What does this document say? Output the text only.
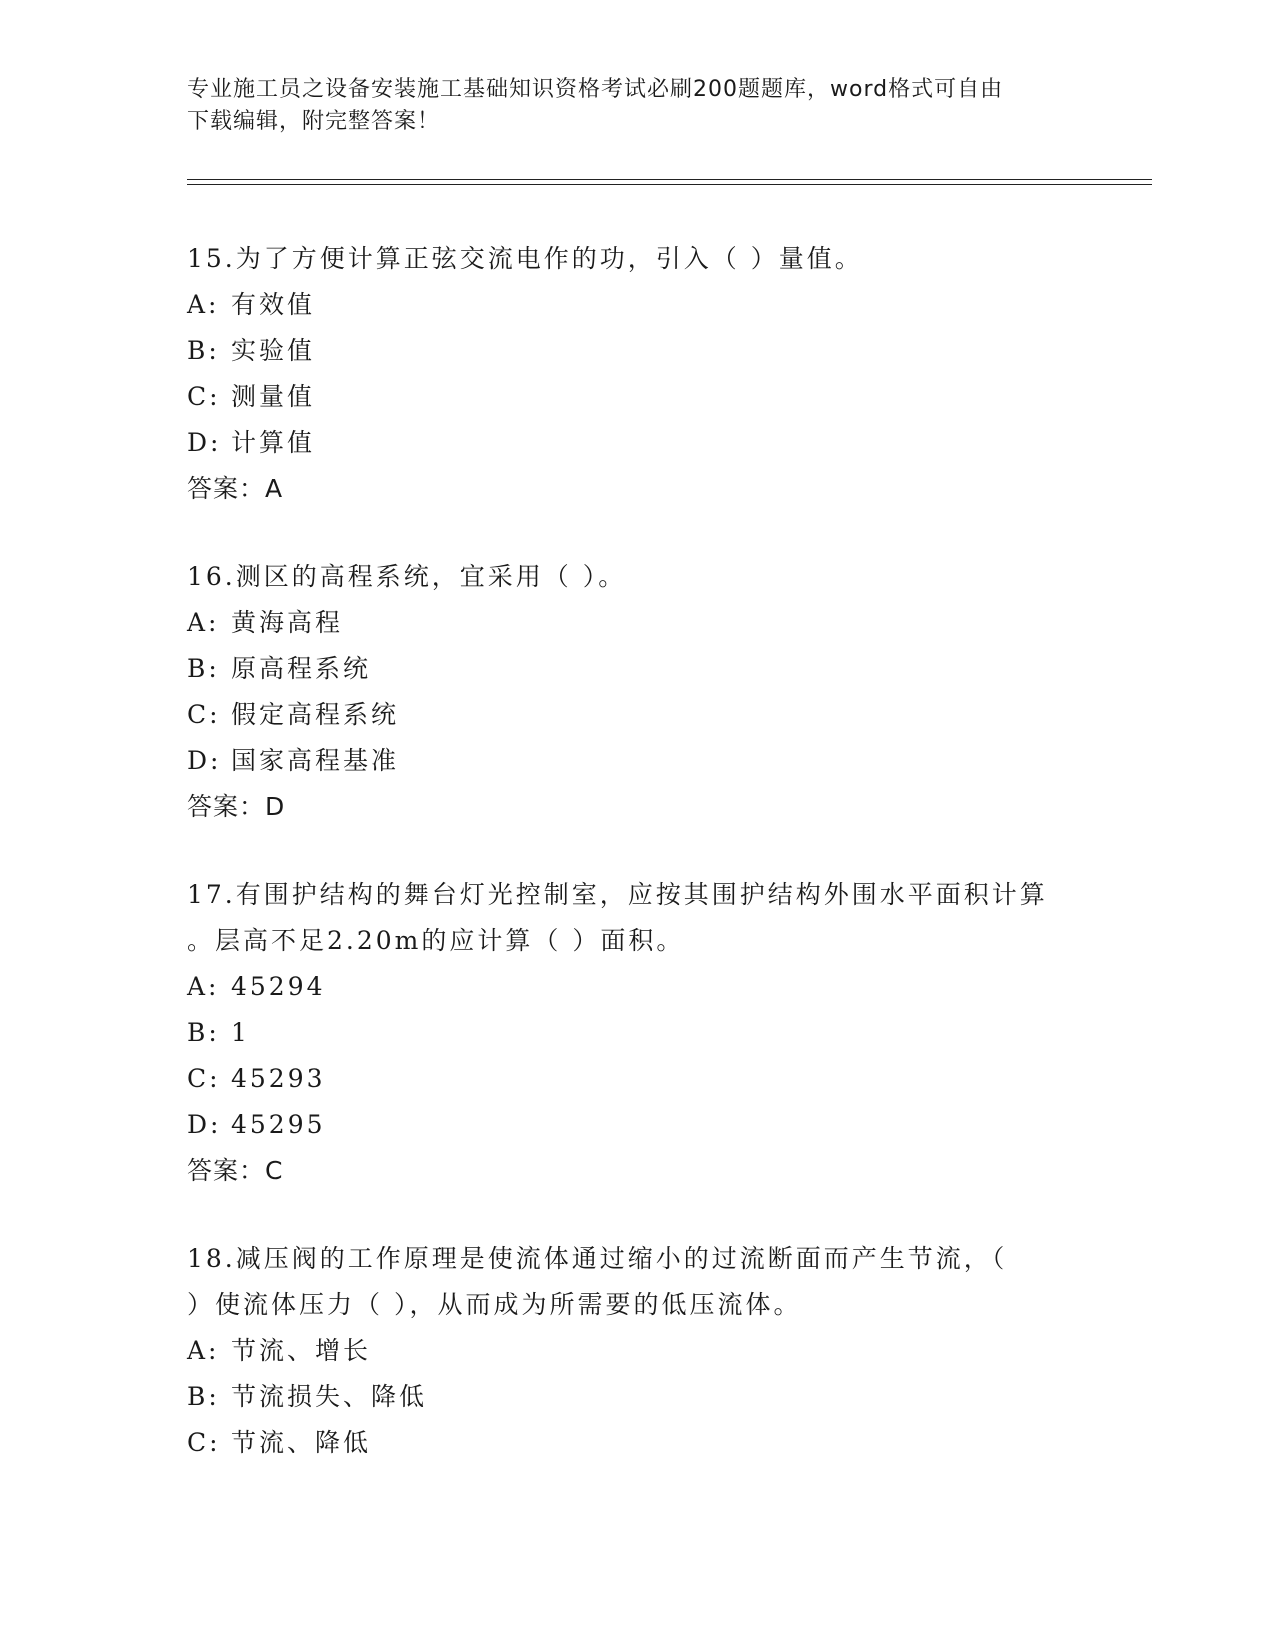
专业施工员之设备安装施工基础知识资格考试必刷200题题库，word格式可自由
下载编辑，附完整答案！

15.为了方便计算正弦交流电作的功，引入（ ）量值。

A: 有效值

B: 实验值

C: 测量值

D: 计算值

答案：A

16.测区的高程系统，宜采用（ ）。

A: 黄海高程

B: 原高程系统

C: 假定高程系统

D: 国家高程基准

答案：D

17.有围护结构的舞台灯光控制室，应按其围护结构外围水平面积计算

。层高不足2.20m的应计算（ ）面积。

A: 45294

B: 1

C: 45293

D: 45295

答案：C

18.减压阀的工作原理是使流体通过缩小的过流断面而产生节流，（

）使流体压力（ ），从而成为所需要的低压流体。

A: 节流、增长

B: 节流损失、降低

C: 节流、降低
